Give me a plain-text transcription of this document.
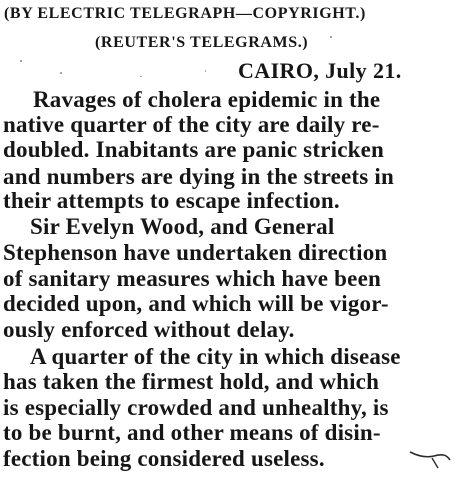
(BY ELECTRIC TELEGRAPH—COPYRIGHT.)
(REUTER'S TELEGRAMS.)
CAIRO, July 21.
Ravages of cholera epidemic in the
native quarter of the city are daily re-
doubled. Inabitants are panic stricken
and numbers are dying in the streets in
their attempts to escape infection.
Sir Evelyn Wood, and General
Stephenson have undertaken direction
of sanitary measures which have been
decided upon, and which will be vigor-
ously enforced without delay.
A quarter of the city in which disease
has taken the firmest hold, and which
is especially crowded and unhealthy, is
to be burnt, and other means of disin-
fection being considered useless.
